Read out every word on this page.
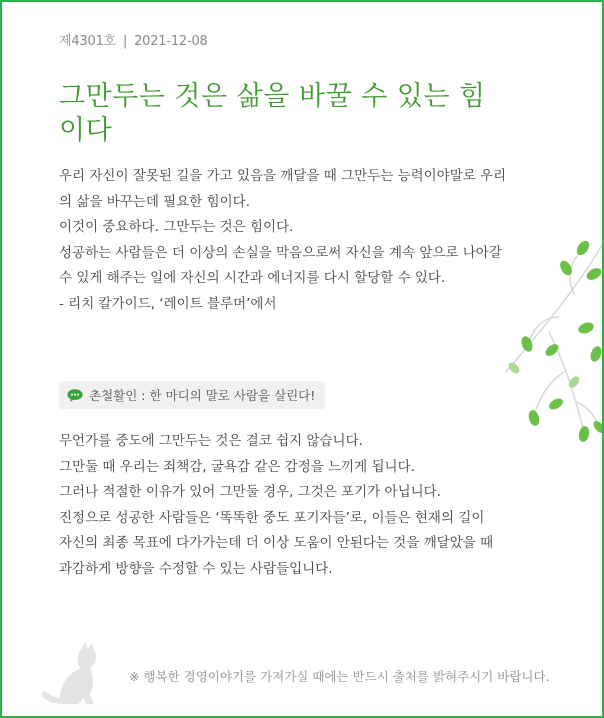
제4301호 | 2021-12-08
그만두는 것은 삶을 바꿀 수 있는 힘이다
우리 자신이 잘못된 길을 가고 있음을 깨달을 때 그만두는 능력이야말로 우리의 삶을 바꾸는데 필요한 힘이다.
이것이 중요하다. 그만두는 것은 힘이다.
성공하는 사람들은 더 이상의 손실을 막음으로써 자신을 계속 앞으로 나아갈 수 있게 해주는 일에 자신의 시간과 에너지를 다시 할당할 수 있다.
- 리치 칼가이드, ‘레이트 블루머’에서
촌철활인 : 한 마디의 말로 사람을 살린다!
무언가를 중도에 그만두는 것은 결코 쉽지 않습니다.
그만둘 때 우리는 죄책감, 굴욕감 같은 감정을 느끼게 됩니다.
그러나 적절한 이유가 있어 그만둘 경우, 그것은 포기가 아닙니다.
진정으로 성공한 사람들은 ‘똑똑한 중도 포기자들’로, 이들은 현재의 길이
자신의 최종 목표에 다가가는데 더 이상 도움이 안된다는 것을 깨달았을 때
과감하게 방향을 수정할 수 있는 사람들입니다.
※ 행복한 경영이야기를 가져가실 때에는 반드시 출처를 밝혀주시기 바랍니다.
